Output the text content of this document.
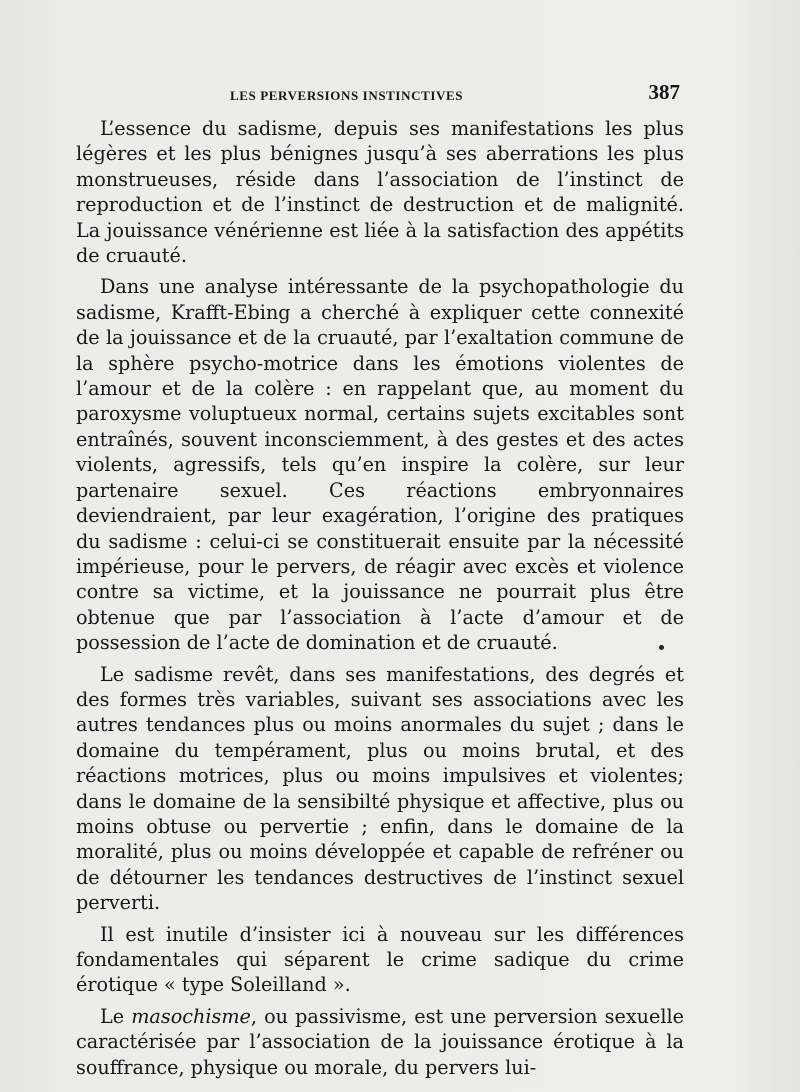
LES PERVERSIONS INSTINCTIVES	387

L’essence du sadisme, depuis ses manifestations les plus légères et les plus bénignes jusqu’à ses aberrations les plus monstrueuses, réside dans l’association de l’instinct de reproduction et de l’instinct de destruction et de malignité. La jouissance vénérienne est liée à la satisfaction des appétits de cruauté.

Dans une analyse intéressante de la psychopathologie du sadisme, Krafft-Ebing a cherché à expliquer cette connexité de la jouissance et de la cruauté, par l’exaltation commune de la sphère psycho-motrice dans les émotions violentes de l’amour et de la colère : en rappelant que, au moment du paroxysme voluptueux normal, certains sujets excitables sont entraînés, souvent inconsciemment, à des gestes et des actes violents, agressifs, tels qu’en inspire la colère, sur leur partenaire sexuel. Ces réactions embryonnaires deviendraient, par leur exagération, l’origine des pratiques du sadisme : celui-ci se constituerait ensuite par la nécessité impérieuse, pour le pervers, de réagir avec excès et violence contre sa victime, et la jouissance ne pourrait plus être obtenue que par l’association à l’acte d’amour et de possession de l’acte de domination et de cruauté.

Le sadisme revêt, dans ses manifestations, des degrés et des formes très variables, suivant ses associations avec les autres tendances plus ou moins anormales du sujet ; dans le domaine du tempérament, plus ou moins brutal, et des réactions motrices, plus ou moins impulsives et violentes; dans le domaine de la sensibilté physique et affective, plus ou moins obtuse ou pervertie ; enfin, dans le domaine de la moralité, plus ou moins développée et capable de refréner ou de détourner les tendances destructives de l’instinct sexuel perverti.

Il est inutile d’insister ici à nouveau sur les différences fondamentales qui séparent le crime sadique du crime érotique « type Soleilland ».

Le masochisme, ou passivisme, est une perversion sexuelle caractérisée par l’association de la jouissance érotique à la souffrance, physique ou morale, du pervers lui-
